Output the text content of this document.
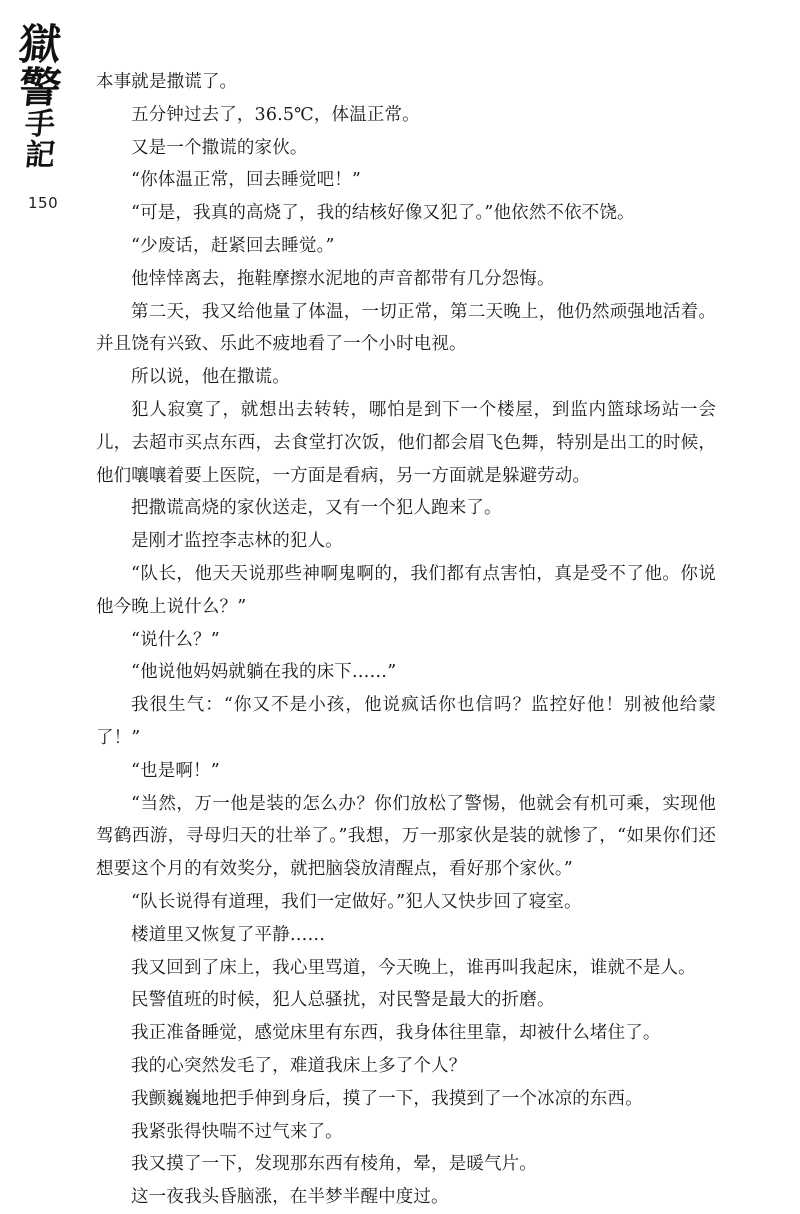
獄
警
手
記
150

本事就是撒谎了。

五分钟过去了，36.5℃，体温正常。

又是一个撒谎的家伙。

“你体温正常，回去睡觉吧！”

“可是，我真的高烧了，我的结核好像又犯了。”他依然不依不饶。

“少废话，赶紧回去睡觉。”

他悻悻离去，拖鞋摩擦水泥地的声音都带有几分怨悔。

第二天，我又给他量了体温，一切正常，第二天晚上，他仍然顽强地活着。并且饶有兴致、乐此不疲地看了一个小时电视。

所以说，他在撒谎。

犯人寂寞了，就想出去转转，哪怕是到下一个楼屋，到监内篮球场站一会儿，去超市买点东西，去食堂打次饭，他们都会眉飞色舞，特别是出工的时候，他们嚷嚷着要上医院，一方面是看病，另一方面就是躲避劳动。

把撒谎高烧的家伙送走，又有一个犯人跑来了。

是刚才监控李志林的犯人。

“队长，他天天说那些神啊鬼啊的，我们都有点害怕，真是受不了他。你说他今晚上说什么？”

“说什么？”

“他说他妈妈就躺在我的床下……”

我很生气：“你又不是小孩，他说疯话你也信吗？监控好他！别被他给蒙了！”

“也是啊！”

“当然，万一他是装的怎么办？你们放松了警惕，他就会有机可乘，实现他驾鹤西游，寻母归天的壮举了。”我想，万一那家伙是装的就惨了，“如果你们还想要这个月的有效奖分，就把脑袋放清醒点，看好那个家伙。”

“队长说得有道理，我们一定做好。”犯人又快步回了寝室。

楼道里又恢复了平静……

我又回到了床上，我心里骂道，今天晚上，谁再叫我起床，谁就不是人。

民警值班的时候，犯人总骚扰，对民警是最大的折磨。

我正准备睡觉，感觉床里有东西，我身体往里靠，却被什么堵住了。

我的心突然发毛了，难道我床上多了个人？

我颤巍巍地把手伸到身后，摸了一下，我摸到了一个冰凉的东西。

我紧张得快喘不过气来了。

我又摸了一下，发现那东西有棱角，晕，是暖气片。

这一夜我头昏脑涨，在半梦半醒中度过。
